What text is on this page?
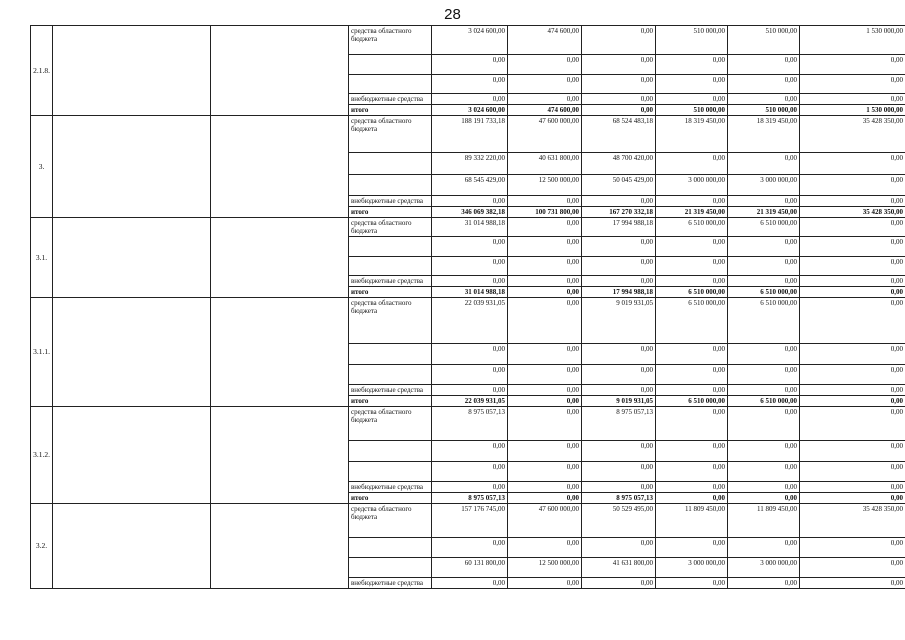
28
2.1.8.			средства областного бюджета	3 024 600,00	474 600,00	0,00	510 000,00	510 000,00	1 530 000,00
				0,00	0,00	0,00	0,00	0,00	0,00
				0,00	0,00	0,00	0,00	0,00	0,00
			внебюджетные средства	0,00	0,00	0,00	0,00	0,00	0,00
			итого	3 024 600,00	474 600,00	0,00	510 000,00	510 000,00	1 530 000,00
3.			средства областного бюджета	188 191 733,18	47 600 000,00	68 524 483,18	18 319 450,00	18 319 450,00	35 428 350,00
				89 332 220,00	40 631 800,00	48 700 420,00	0,00	0,00	0,00
				68 545 429,00	12 500 000,00	50 045 429,00	3 000 000,00	3 000 000,00	0,00
			внебюджетные средства	0,00	0,00	0,00	0,00	0,00	0,00
			итого	346 069 382,18	100 731 800,00	167 270 332,18	21 319 450,00	21 319 450,00	35 428 350,00
3.1.			средства областного бюджета	31 014 988,18	0,00	17 994 988,18	6 510 000,00	6 510 000,00	0,00
				0,00	0,00	0,00	0,00	0,00	0,00
				0,00	0,00	0,00	0,00	0,00	0,00
			внебюджетные средства	0,00	0,00	0,00	0,00	0,00	0,00
			итого	31 014 988,18	0,00	17 994 988,18	6 510 000,00	6 510 000,00	0,00
3.1.1.			средства областного бюджета	22 039 931,05	0,00	9 019 931,05	6 510 000,00	6 510 000,00	0,00
				0,00	0,00	0,00	0,00	0,00	0,00
				0,00	0,00	0,00	0,00	0,00	0,00
			внебюджетные средства	0,00	0,00	0,00	0,00	0,00	0,00
			итого	22 039 931,05	0,00	9 019 931,05	6 510 000,00	6 510 000,00	0,00
3.1.2.			средства областного бюджета	8 975 057,13	0,00	8 975 057,13	0,00	0,00	0,00
				0,00	0,00	0,00	0,00	0,00	0,00
				0,00	0,00	0,00	0,00	0,00	0,00
			внебюджетные средства	0,00	0,00	0,00	0,00	0,00	0,00
			итого	8 975 057,13	0,00	8 975 057,13	0,00	0,00	0,00
3.2.			средства областного бюджета	157 176 745,00	47 600 000,00	50 529 495,00	11 809 450,00	11 809 450,00	35 428 350,00
				0,00	0,00	0,00	0,00	0,00	0,00
				60 131 800,00	12 500 000,00	41 631 800,00	3 000 000,00	3 000 000,00	0,00
			внебюджетные средства	0,00	0,00	0,00	0,00	0,00	0,00
